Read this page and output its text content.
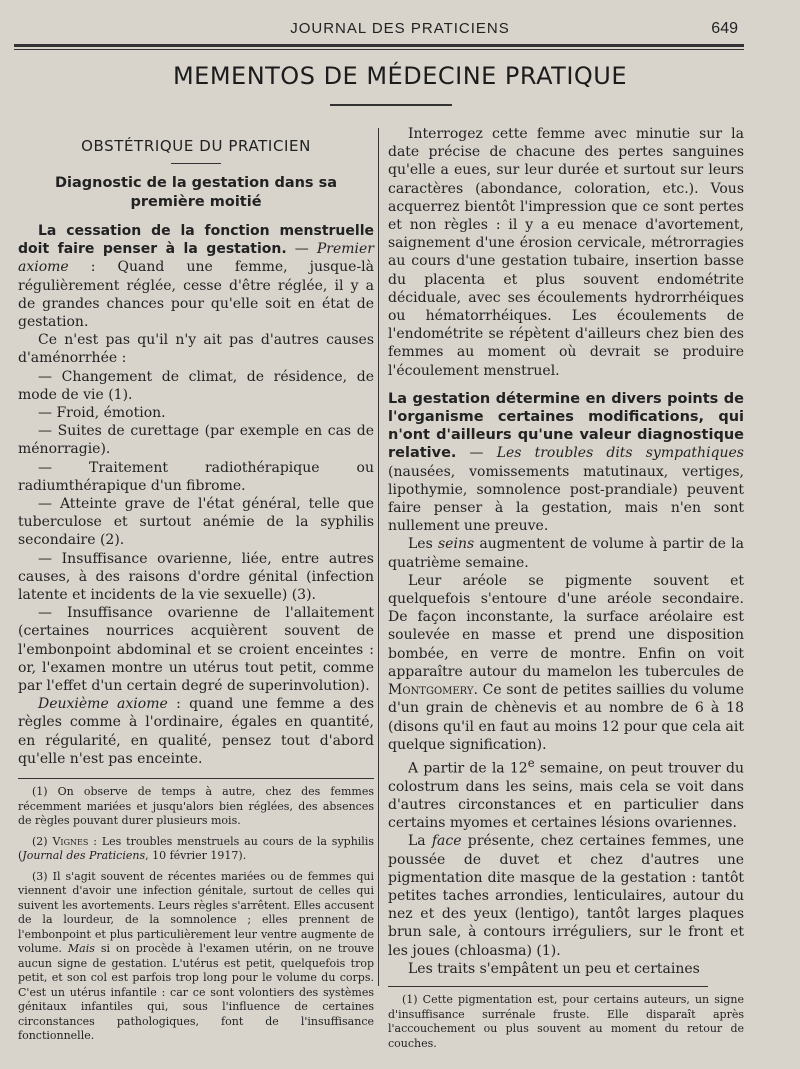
JOURNAL DES PRATICIENS	649
MEMENTOS DE MÉDECINE PRATIQUE
OBSTÉTRIQUE DU PRATICIEN
Diagnostic de la gestation dans sa première moitié

La cessation de la fonction menstruelle doit faire penser à la gestation. — Premier axiome : Quand une femme, jusque-là régulièrement réglée, cesse d'être réglée, il y a de grandes chances pour qu'elle soit en état de gestation.

Ce n'est pas qu'il n'y ait pas d'autres causes d'aménorrhée :

— Changement de climat, de résidence, de mode de vie (1).

— Froid, émotion.

— Suites de curettage (par exemple en cas de ménorragie).

— Traitement radiothérapique ou radiumthérapique d'un fibrome.

— Atteinte grave de l'état général, telle que tuberculose et surtout anémie de la syphilis secondaire (2).

— Insuffisance ovarienne, liée, entre autres causes, à des raisons d'ordre génital (infection latente et incidents de la vie sexuelle) (3).

— Insuffisance ovarienne de l'allaitement (certaines nourrices acquièrent souvent de l'embonpoint abdominal et se croient enceintes : or, l'examen montre un utérus tout petit, comme par l'effet d'un certain degré de superinvolution).

Deuxième axiome : quand une femme a des règles comme à l'ordinaire, égales en quantité, en régularité, en qualité, pensez tout d'abord qu'elle n'est pas enceinte.

(1) On observe de temps à autre, chez des femmes récemment mariées et jusqu'alors bien réglées, des absences de règles pouvant durer plusieurs mois.

(2) Vignes : Les troubles menstruels au cours de la syphilis (Journal des Praticiens, 10 février 1917).

(3) Il s'agit souvent de récentes mariées ou de femmes qui viennent d'avoir une infection génitale, surtout de celles qui suivent les avortements. Leurs règles s'arrêtent. Elles accusent de la lourdeur, de la somnolence ; elles prennent de l'embonpoint et plus particulièrement leur ventre augmente de volume. Mais si on procède à l'examen utérin, on ne trouve aucun signe de gestation. L'utérus est petit, quelquefois trop petit, et son col est parfois trop long pour le volume du corps. C'est un utérus infantile : car ce sont volontiers des systèmes génitaux infantiles qui, sous l'influence de certaines circonstances pathologiques, font de l'insuffisance fonctionnelle.

Interrogez cette femme avec minutie sur la date précise de chacune des pertes sanguines qu'elle a eues, sur leur durée et surtout sur leurs caractères (abondance, coloration, etc.). Vous acquerrez bientôt l'impression que ce sont pertes et non règles : il y a eu menace d'avortement, saignement d'une érosion cervicale, métrorragies au cours d'une gestation tubaire, insertion basse du placenta et plus souvent endométrite déciduale, avec ses écoulements hydrorrhéiques ou hématorrhéiques. Les écoulements de l'endométrite se répètent d'ailleurs chez bien des femmes au moment où devrait se produire l'écoulement menstruel.

La gestation détermine en divers points de l'organisme certaines modifications, qui n'ont d'ailleurs qu'une valeur diagnostique relative. — Les troubles dits sympathiques (nausées, vomissements matutinaux, vertiges, lipothymie, somnolence post-prandiale) peuvent faire penser à la gestation, mais n'en sont nullement une preuve.

Les seins augmentent de volume à partir de la quatrième semaine.

Leur aréole se pigmente souvent et quelquefois s'entoure d'une aréole secondaire. De façon inconstante, la surface aréolaire est soulevée en masse et prend une disposition bombée, en verre de montre. Enfin on voit apparaître autour du mamelon les tubercules de Montgomery. Ce sont de petites saillies du volume d'un grain de chènevis et au nombre de 6 à 18 (disons qu'il en faut au moins 12 pour que cela ait quelque signification).

A partir de la 12e semaine, on peut trouver du colostrum dans les seins, mais cela se voit dans d'autres circonstances et en particulier dans certains myomes et certaines lésions ovariennes.

La face présente, chez certaines femmes, une poussée de duvet et chez d'autres une pigmentation dite masque de la gestation : tantôt petites taches arrondies, lenticulaires, autour du nez et des yeux (lentigo), tantôt larges plaques brun sale, à contours irréguliers, sur le front et les joues (chloasma) (1).

Les traits s'empâtent un peu et certaines

(1) Cette pigmentation est, pour certains auteurs, un signe d'insuffisance surrénale fruste. Elle disparaît après l'accouchement ou plus souvent au moment du retour de couches.
